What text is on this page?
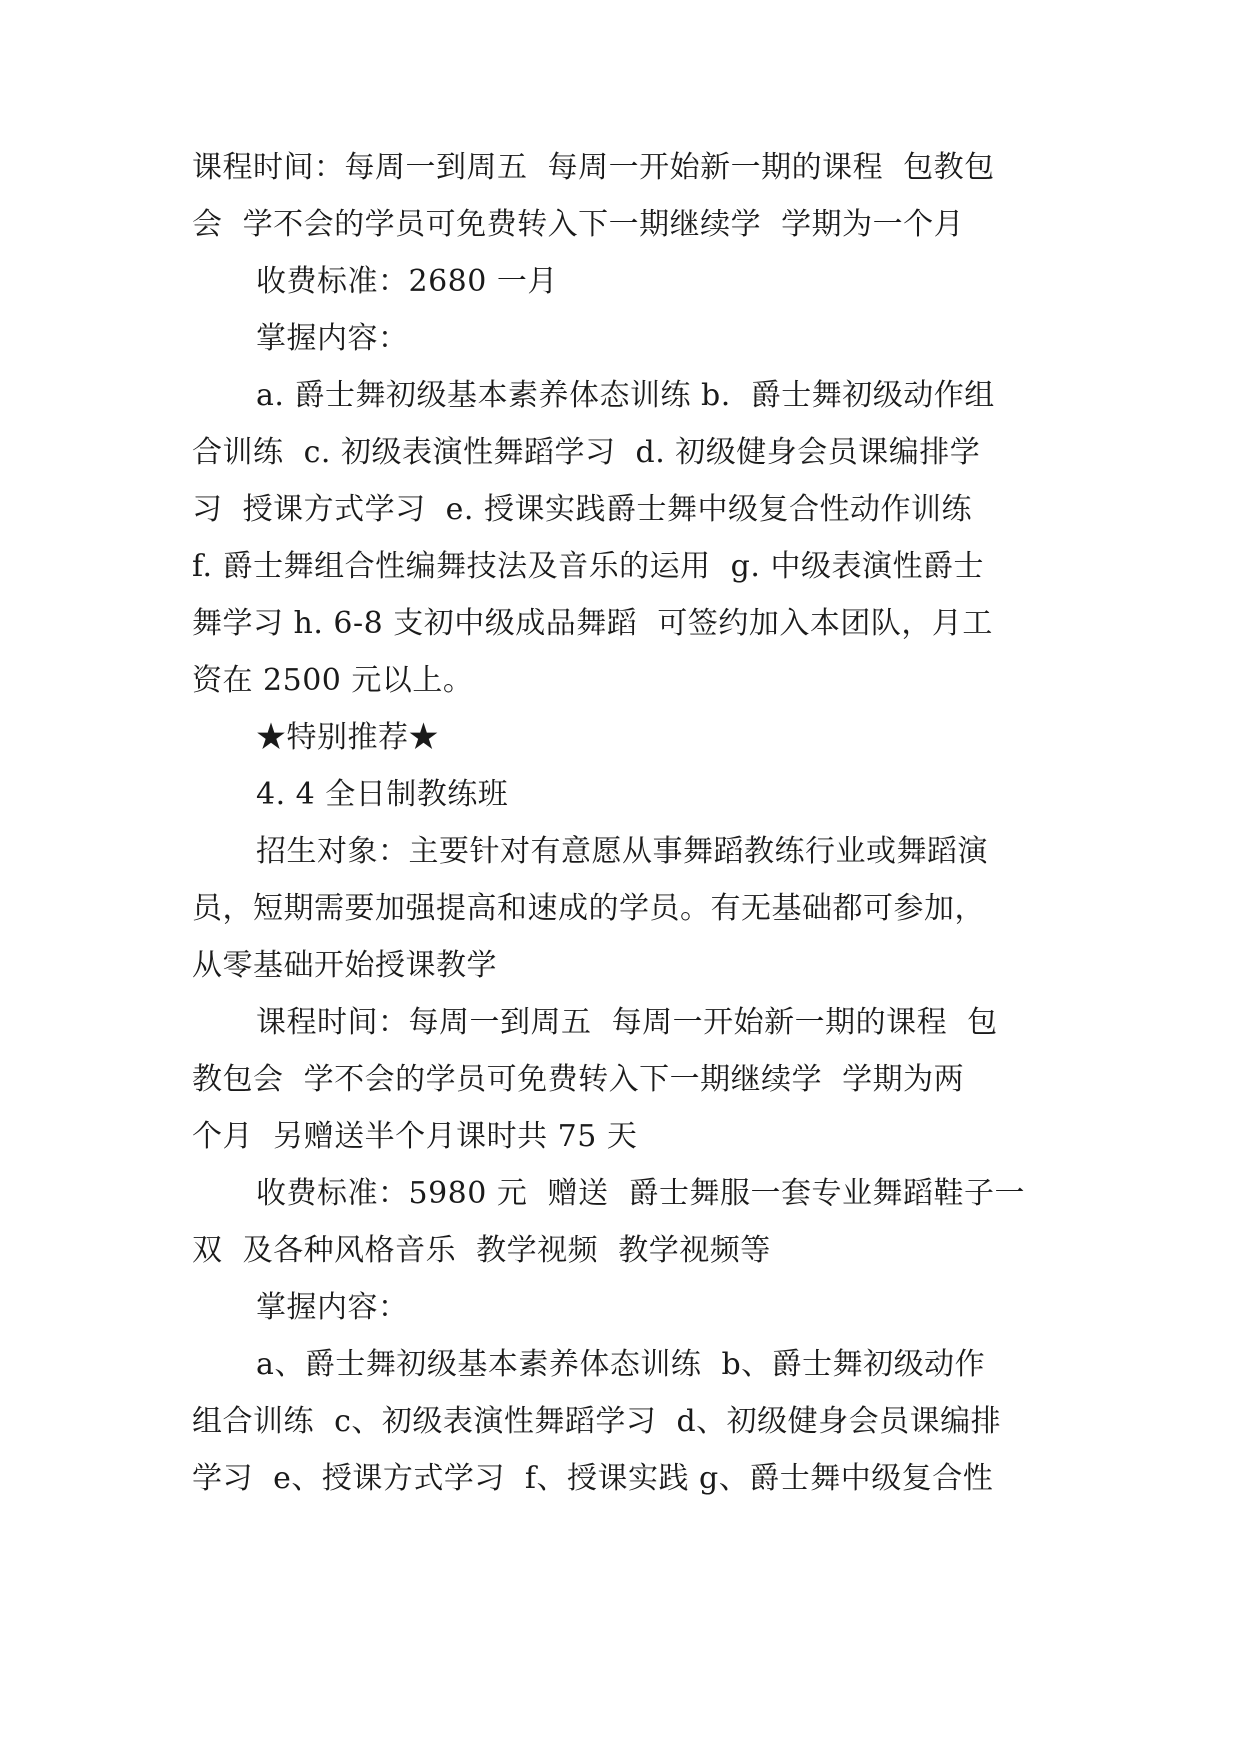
课程时间：每周一到周五  每周一开始新一期的课程  包教包

会  学不会的学员可免费转入下一期继续学  学期为一个月

收费标准：2680 一月

掌握内容：

a. 爵士舞初级基本素养体态训练 b.  爵士舞初级动作组

合训练  c. 初级表演性舞蹈学习  d. 初级健身会员课编排学

习  授课方式学习  e. 授课实践爵士舞中级复合性动作训练

f. 爵士舞组合性编舞技法及音乐的运用  g. 中级表演性爵士

舞学习 h. 6-8 支初中级成品舞蹈  可签约加入本团队，月工

资在 2500 元以上。

★特别推荐★

4. 4 全日制教练班

招生对象：主要针对有意愿从事舞蹈教练行业或舞蹈演

员，短期需要加强提高和速成的学员。有无基础都可参加，

从零基础开始授课教学

课程时间：每周一到周五  每周一开始新一期的课程  包

教包会  学不会的学员可免费转入下一期继续学  学期为两

个月  另赠送半个月课时共 75 天

收费标准：5980 元  赠送  爵士舞服一套专业舞蹈鞋子一

双  及各种风格音乐  教学视频  教学视频等

掌握内容：

a、爵士舞初级基本素养体态训练  b、爵士舞初级动作

组合训练  c、初级表演性舞蹈学习  d、初级健身会员课编排

学习  e、授课方式学习  f、授课实践 g、爵士舞中级复合性
